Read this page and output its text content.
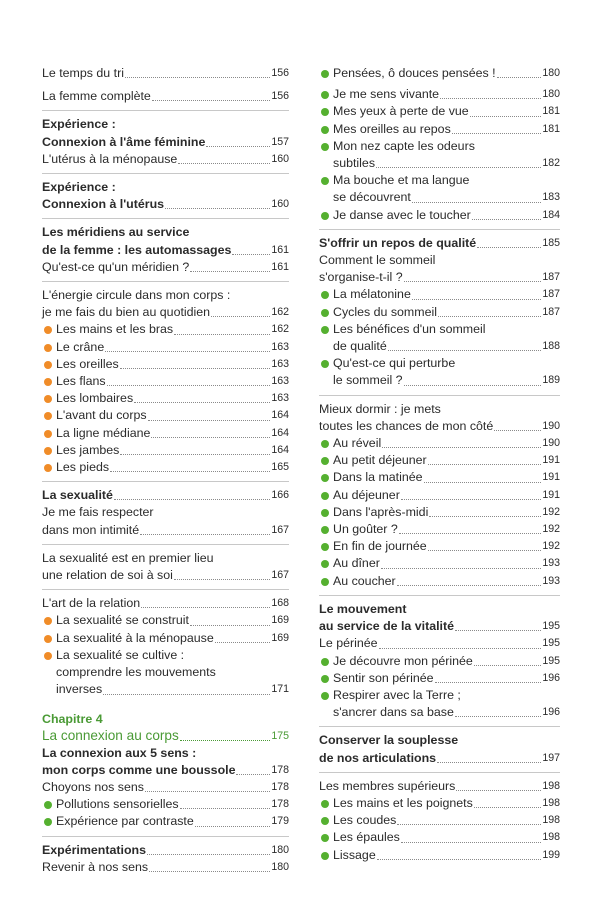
Le temps du tri	156
La femme complète	156
Expérience :
Connexion à l'âme féminine	157
L'utérus à la ménopause	160
Expérience :
Connexion à l'utérus	160
Les méridiens au service
de la femme : les automassages	161
Qu'est-ce qu'un méridien ?	161
L'énergie circule dans mon corps :
je me fais du bien au quotidien	162
Les mains et les bras	162
Le crâne	163
Les oreilles	163
Les flans	163
Les lombaires	163
L'avant du corps	164
La ligne médiane	164
Les jambes	164
Les pieds	165
La sexualité	166
Je me fais respecter
dans mon intimité	167
La sexualité est en premier lieu
une relation de soi à soi	167
L'art de la relation	168
La sexualité se construit	169
La sexualité à la ménopause	169
La sexualité se cultive :
comprendre les mouvements
inverses	171
Chapitre 4
La connexion au corps	175
La connexion aux 5 sens :
mon corps comme une boussole	178
Choyons nos sens	178
Pollutions sensorielles	178
Expérience par contraste	179
Expérimentations	180
Revenir à nos sens	180
Pensées, ô douces pensées !	180
Je me sens vivante	180
Mes yeux à perte de vue	181
Mes oreilles au repos	181
Mon nez capte les odeurs
subtiles	182
Ma bouche et ma langue
se découvrent	183
Je danse avec le toucher	184
S'offrir un repos de qualité	185
Comment le sommeil
s'organise-t-il ?	187
La mélatonine	187
Cycles du sommeil	187
Les bénéfices d'un sommeil
de qualité	188
Qu'est-ce qui perturbe
le sommeil ?	189
Mieux dormir : je mets
toutes les chances de mon côté	190
Au réveil	190
Au petit déjeuner	191
Dans la matinée	191
Au déjeuner	191
Dans l'après-midi	192
Un goûter ?	192
En fin de journée	192
Au dîner	193
Au coucher	193
Le mouvement
au service de la vitalité	195
Le périnée	195
Je découvre mon périnée	195
Sentir son périnée	196
Respirer avec la Terre ;
s'ancrer dans sa base	196
Conserver la souplesse
de nos articulations	197
Les membres supérieurs	198
Les mains et les poignets	198
Les coudes	198
Les épaules	198
Lissage	199
